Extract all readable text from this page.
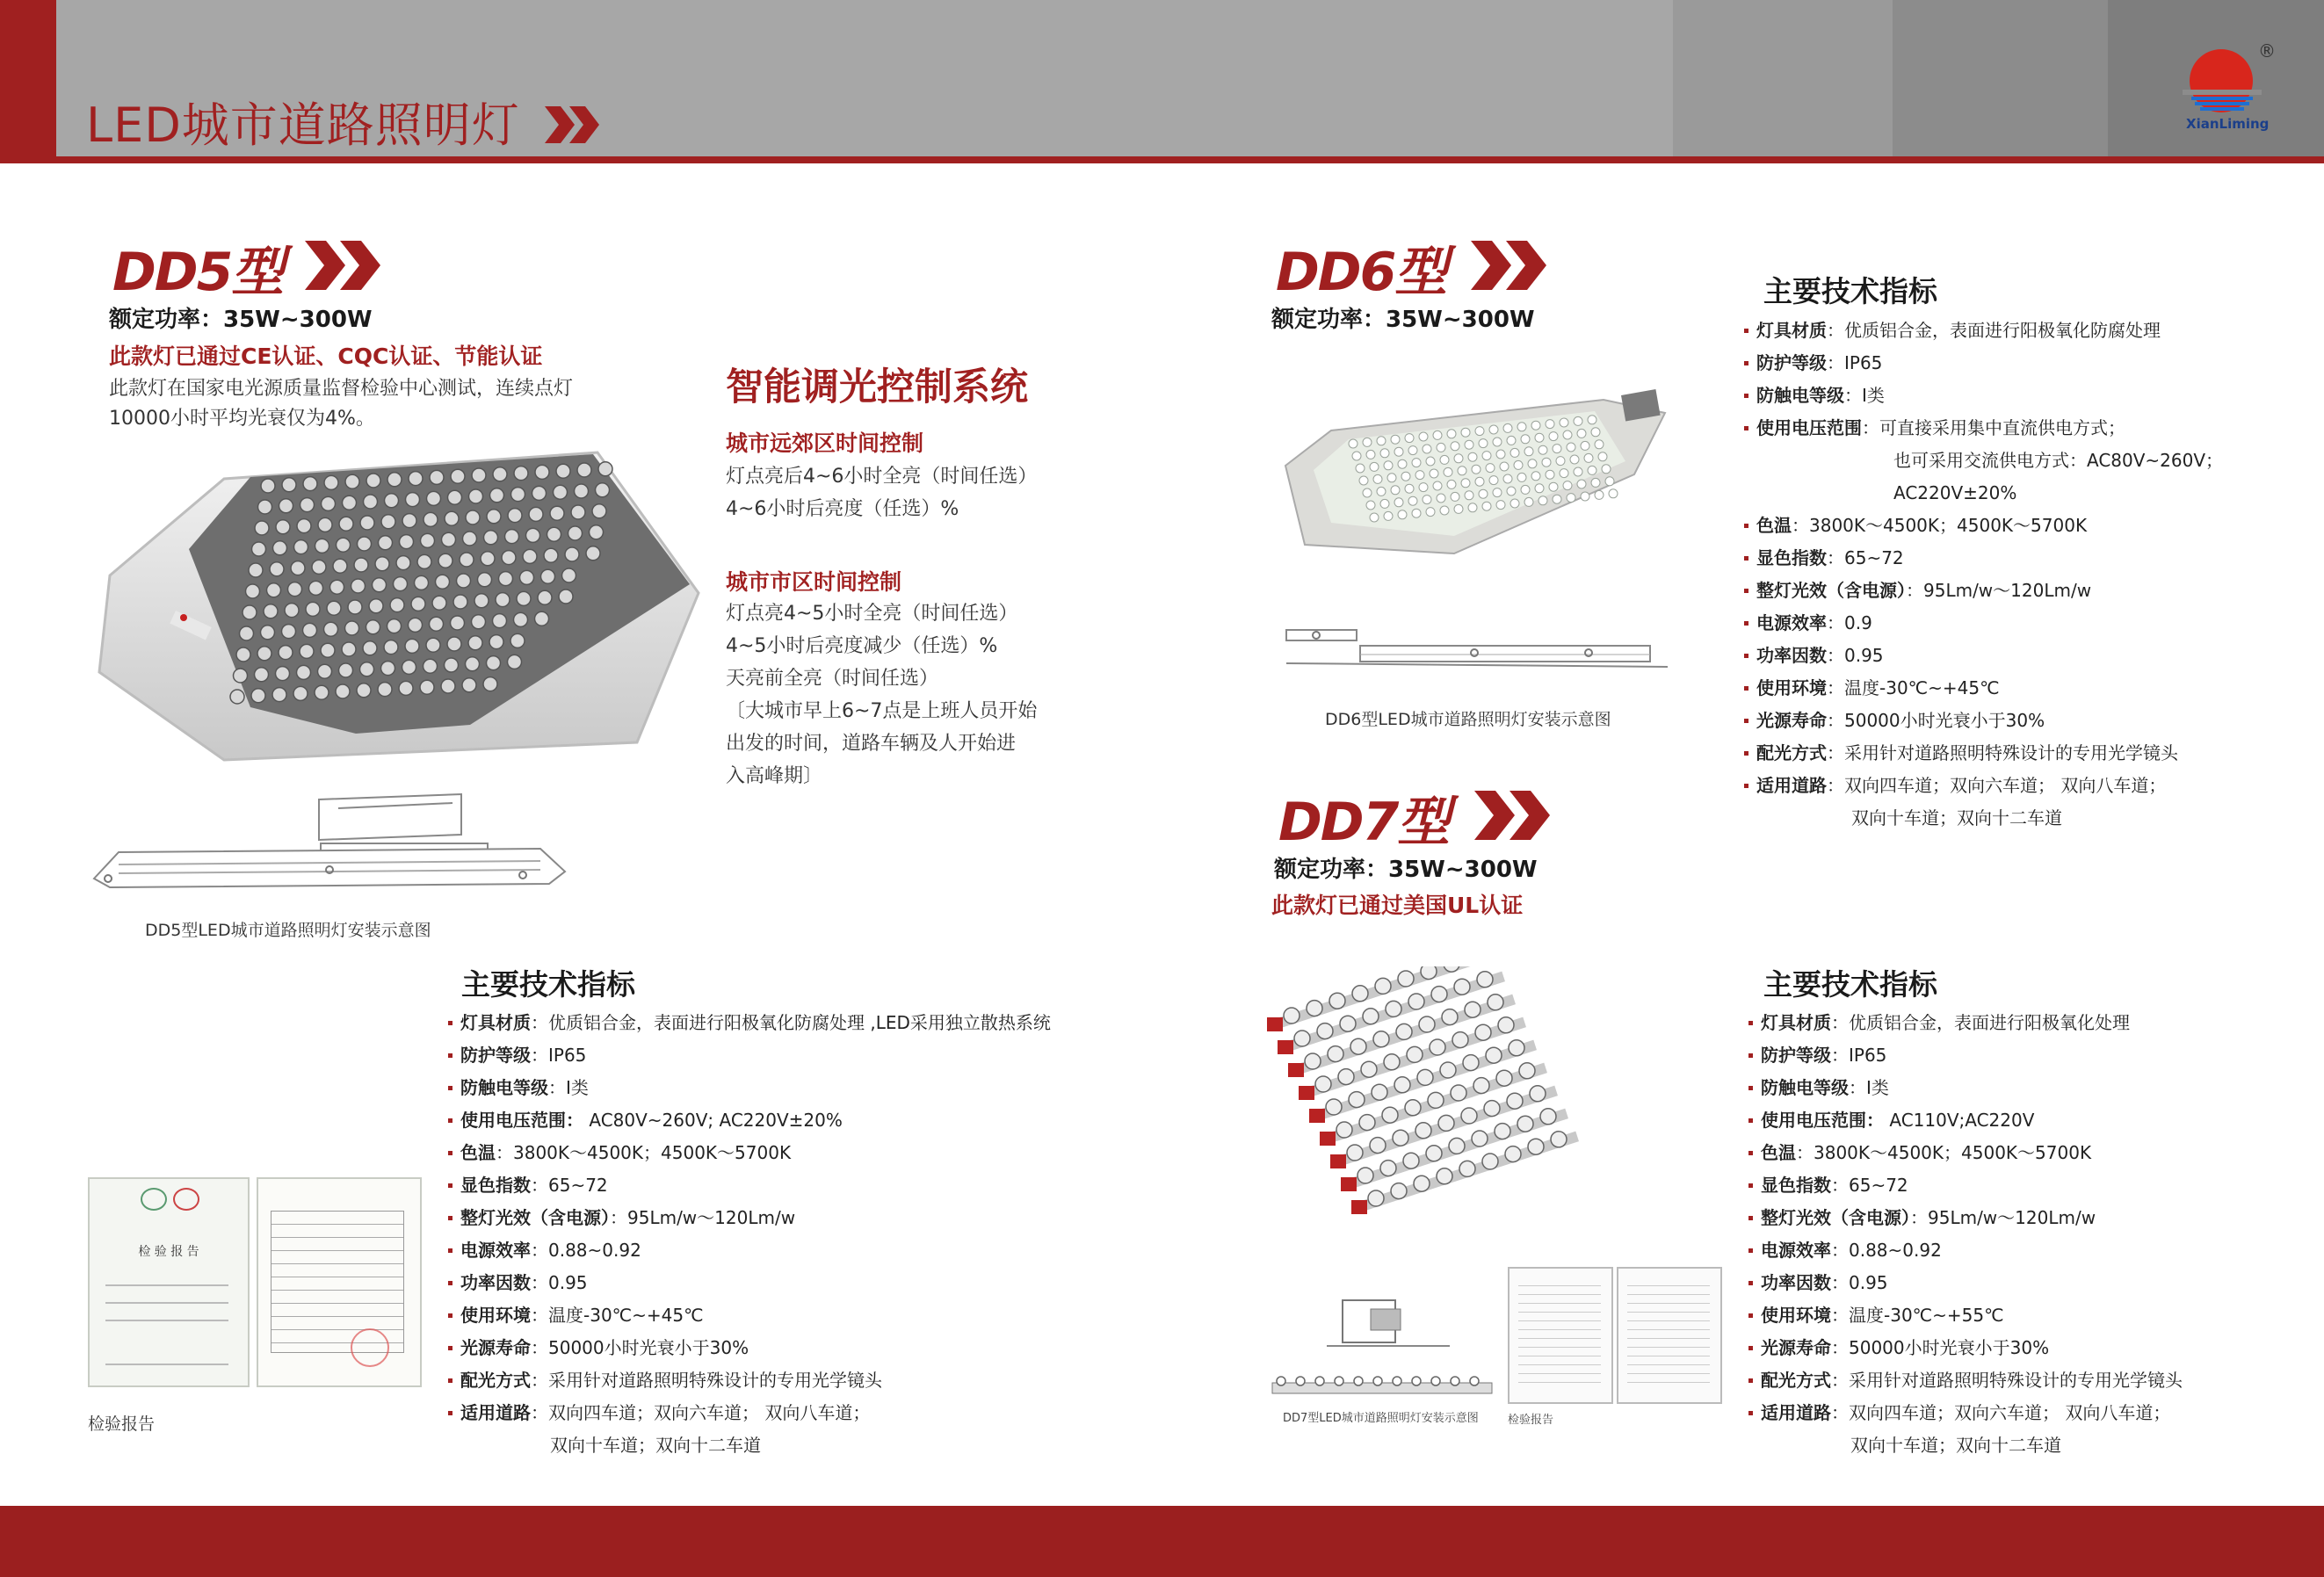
LED城市道路照明灯	XianLiming
®
DD5型
额定功率：35W~300W
此款灯已通过CE认证、CQC认证、节能认证
此款灯在国家电光源质量监督检验中心测试，连续点灯
10000小时平均光衰仅为4%。
DD5型LED城市道路照明灯安装示意图
检 验 报 告
检验报告
主要技术指标
灯具材质：优质铝合金，表面进行阳极氧化防腐处理 ,LED采用独立散热系统
防护等级：IP65
防触电等级：I类
使用电压范围： AC80V~260V; AC220V±20%
色温：3800K～4500K；4500K～5700K
显色指数：65~72
整灯光效（含电源）：95Lm/w～120Lm/w
电源效率：0.88~0.92
功率因数：0.95
使用环境：温度-30℃~+45℃
光源寿命：50000小时光衰小于30%
配光方式：采用针对道路照明特殊设计的专用光学镜头
适用道路：双向四车道；双向六车道； 双向八车道；
双向十车道；双向十二车道
智能调光控制系统
城市远郊区时间控制
灯点亮后4~6小时全亮（时间任选）
4~6小时后亮度（任选）%
城市市区时间控制
灯点亮4~5小时全亮（时间任选）
4~5小时后亮度减少（任选）%
天亮前全亮（时间任选）
〔大城市早上6~7点是上班人员开始
出发的时间，道路车辆及人开始进
入高峰期〕
DD6型
额定功率：35W~300W
DD6型LED城市道路照明灯安装示意图
主要技术指标
灯具材质：优质铝合金，表面进行阳极氧化防腐处理
防护等级：IP65
防触电等级：I类
使用电压范围：可直接采用集中直流供电方式；
也可采用交流供电方式：AC80V~260V；
AC220V±20%
色温：3800K～4500K；4500K～5700K
显色指数：65~72
整灯光效（含电源）：95Lm/w～120Lm/w
电源效率：0.9
功率因数：0.95
使用环境：温度-30℃~+45℃
光源寿命：50000小时光衰小于30%
配光方式：采用针对道路照明特殊设计的专用光学镜头
适用道路：双向四车道；双向六车道； 双向八车道；
双向十车道；双向十二车道
DD7型
额定功率：35W~300W
此款灯已通过美国UL认证
DD7型LED城市道路照明灯安装示意图	检验报告
主要技术指标
灯具材质：优质铝合金，表面进行阳极氧化处理
防护等级：IP65
防触电等级：I类
使用电压范围： AC110V;AC220V
色温：3800K～4500K；4500K～5700K
显色指数：65~72
整灯光效（含电源）：95Lm/w～120Lm/w
电源效率：0.88~0.92
功率因数：0.95
使用环境：温度-30℃~+55℃
光源寿命：50000小时光衰小于30%
配光方式：采用针对道路照明特殊设计的专用光学镜头
适用道路：双向四车道；双向六车道； 双向八车道；
双向十车道；双向十二车道
